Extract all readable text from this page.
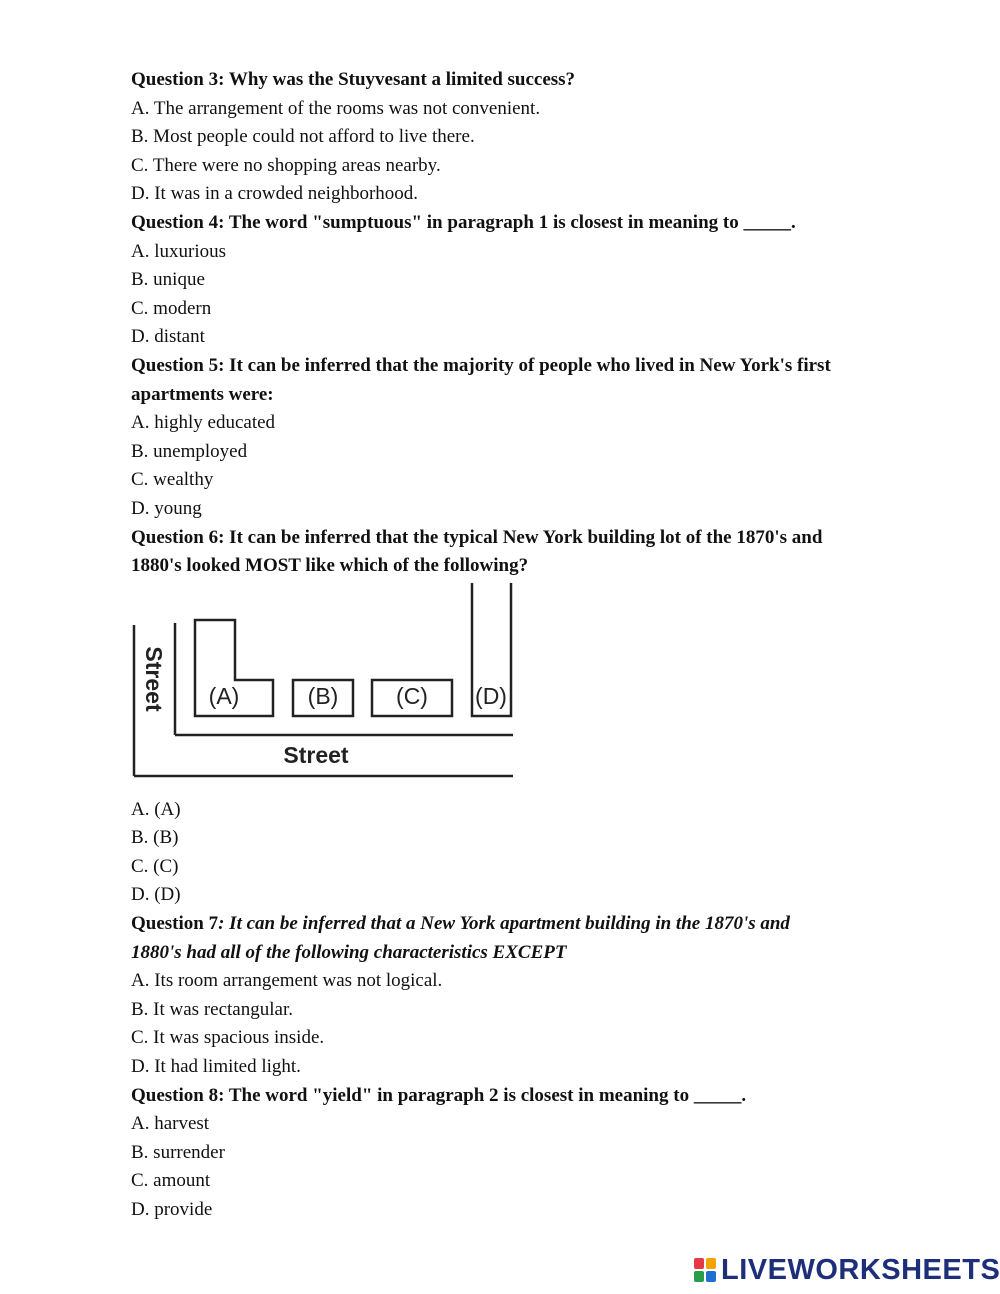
Question 3: Why was the Stuyvesant a limited success?
A. The arrangement of the rooms was not convenient.
B. Most people could not afford to live there.
C. There were no shopping areas nearby.
D. It was in a crowded neighborhood.
Question 4: The word "sumptuous" in paragraph 1 is closest in meaning to _____.
A. luxurious
B. unique
C. modern
D. distant
Question 5: It can be inferred that the majority of people who lived in New York's first apartments were:
A. highly educated
B. unemployed
C. wealthy
D. young
Question 6: It can be inferred that the typical New York building lot of the 1870's and 1880's looked MOST like which of the following?
(A)	(B)	(C) (D)
Street
Street
A. (A)
B. (B)
C. (C)
D. (D)
Question 7: It can be inferred that a New York apartment building in the 1870's and 1880's had all of the following characteristics EXCEPT
A. Its room arrangement was not logical.
B. It was rectangular.
C. It was spacious inside.
D. It had limited light.
Question 8: The word "yield" in paragraph 2 is closest in meaning to _____.
A. harvest
B. surrender
C. amount
D. provide
LIVEWORKSHEETS
